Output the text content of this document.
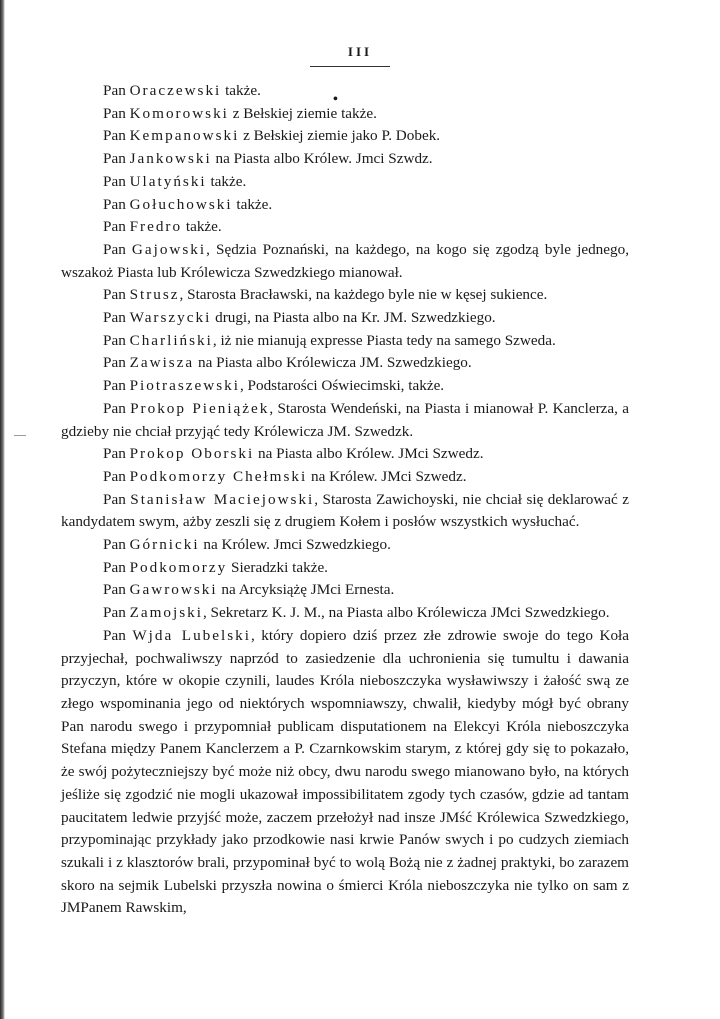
III
•
—

Pan Oraczewski także.

Pan Komorowski z Bełskiej ziemie także.

Pan Kempanowski z Bełskiej ziemie jako P. Dobek.

Pan Jankowski na Piasta albo Królew. Jmci Szwdz.

Pan Ulatyński także.

Pan Gołuchowski także.

Pan Fredro także.

Pan Gajowski, Sędzia Poznański, na każdego, na kogo się zgodzą byle jednego, wszakoż Piasta lub Królewicza Szwedzkiego mianował.

Pan Strusz, Starosta Bracławski, na każdego byle nie w kęsej sukience.

Pan Warszycki drugi, na Piasta albo na Kr. JM. Szwedzkiego.

Pan Charliński, iż nie mianują expresse Piasta tedy na samego Szweda.

Pan Zawisza na Piasta albo Królewicza JM. Szwedzkiego.

Pan Piotraszewski, Podstarości Oświecimski, także.

Pan Prokop Pieniążek, Starosta Wendeński, na Piasta i mianował P. Kanclerza, a gdzieby nie chciał przyjąć tedy Królewicza JM. Szwedzk.

Pan Prokop Oborski na Piasta albo Królew. JMci Szwedz.

Pan Podkomorzy Chełmski na Królew. JMci Szwedz.

Pan Stanisław Maciejowski, Starosta Zawichoyski, nie chciał się deklarować z kandydatem swym, ażby zeszli się z drugiem Kołem i posłów wszystkich wysłuchać.

Pan Górnicki na Królew. Jmci Szwedzkiego.

Pan Podkomorzy Sieradzki także.

Pan Gawrowski na Arcyksiążę JMci Ernesta.

Pan Zamojski, Sekretarz K. J. M., na Piasta albo Królewicza JMci Szwedzkiego.

Pan Wjda Lubelski, który dopiero dziś przez złe zdrowie swoje do tego Koła przyjechał, pochwaliwszy naprzód to zasiedzenie dla uchronienia się tumultu i dawania przyczyn, które w okopie czynili, laudes Króla nieboszczyka wysławiwszy i żałość swą ze złego wspominania jego od niektórych wspomniawszy, chwalił, kiedyby mógł być obrany Pan narodu swego i przypomniał publicam disputationem na Elekcyi Króla nieboszczyka Stefana między Panem Kanclerzem a P. Czarnkowskim starym, z której gdy się to pokazało, że swój pożyteczniejszy być może niż obcy, dwu narodu swego mianowano było, na których jeśliże się zgodzić nie mogli ukazował impossibilitatem zgody tych czasów, gdzie ad tantam paucitatem ledwie przyjść może, zaczem przełożył nad insze JMść Królewica Szwedzkiego, przypominając przykłady jako przodkowie nasi krwie Panów swych i po cudzych ziemiach szukali i z klasztorów brali, przypominał być to wolą Bożą nie z żadnej praktyki, bo zarazem skoro na sejmik Lubelski przyszła nowina o śmierci Króla nieboszczyka nie tylko on sam z JMPanem Rawskim,
